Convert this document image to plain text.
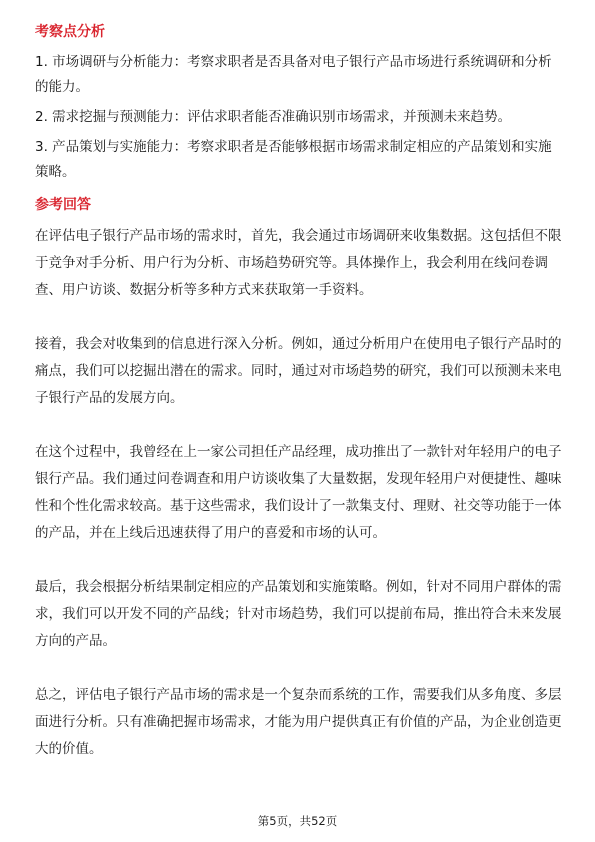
考察点分析
1. 市场调研与分析能力：考察求职者是否具备对电子银行产品市场进行系统调研和分析的能力。
2. 需求挖掘与预测能力：评估求职者能否准确识别市场需求，并预测未来趋势。
3. 产品策划与实施能力：考察求职者是否能够根据市场需求制定相应的产品策划和实施策略。
参考回答
在评估电子银行产品市场的需求时，首先，我会通过市场调研来收集数据。这包括但不限于竞争对手分析、用户行为分析、市场趋势研究等。具体操作上，我会利用在线问卷调查、用户访谈、数据分析等多种方式来获取第一手资料。
接着，我会对收集到的信息进行深入分析。例如，通过分析用户在使用电子银行产品时的痛点，我们可以挖掘出潜在的需求。同时，通过对市场趋势的研究，我们可以预测未来电子银行产品的发展方向。
在这个过程中，我曾经在上一家公司担任产品经理，成功推出了一款针对年轻用户的电子银行产品。我们通过问卷调查和用户访谈收集了大量数据，发现年轻用户对便捷性、趣味性和个性化需求较高。基于这些需求，我们设计了一款集支付、理财、社交等功能于一体的产品，并在上线后迅速获得了用户的喜爱和市场的认可。
最后，我会根据分析结果制定相应的产品策划和实施策略。例如，针对不同用户群体的需求，我们可以开发不同的产品线；针对市场趋势，我们可以提前布局，推出符合未来发展方向的产品。
总之，评估电子银行产品市场的需求是一个复杂而系统的工作，需要我们从多角度、多层面进行分析。只有准确把握市场需求，才能为用户提供真正有价值的产品，为企业创造更大的价值。
第5页，共52页
